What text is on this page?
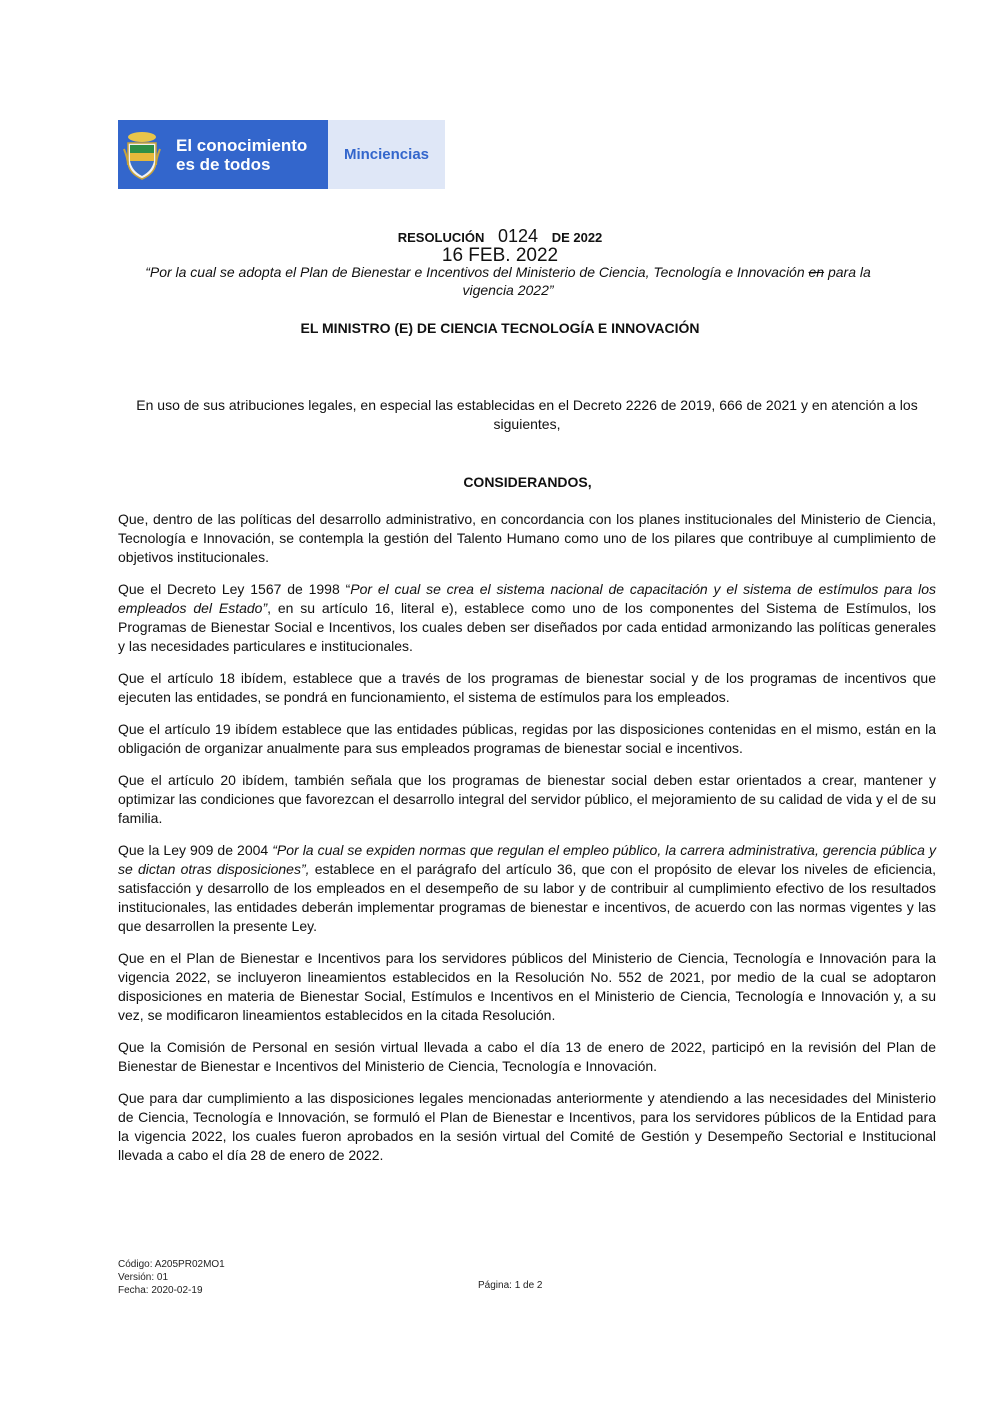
El conocimiento
es de todos	Minciencias
RESOLUCIÓN 0124 DE 2022
16 FEB. 2022
“Por la cual se adopta el Plan de Bienestar e Incentivos del Ministerio de Ciencia, Tecnología e Innovación en para la vigencia 2022”
EL MINISTRO (E) DE CIENCIA TECNOLOGÍA E INNOVACIÓN
En uso de sus atribuciones legales, en especial las establecidas en el Decreto 2226 de 2019, 666 de 2021 y en atención a los siguientes,
CONSIDERANDOS,

Que, dentro de las políticas del desarrollo administrativo, en concordancia con los planes institucionales del Ministerio de Ciencia, Tecnología e Innovación, se contempla la gestión del Talento Humano como uno de los pilares que contribuye al cumplimiento de objetivos institucionales.

Que el Decreto Ley 1567 de 1998 “Por el cual se crea el sistema nacional de capacitación y el sistema de estímulos para los empleados del Estado”, en su artículo 16, literal e), establece como uno de los componentes del Sistema de Estímulos, los Programas de Bienestar Social e Incentivos, los cuales deben ser diseñados por cada entidad armonizando las políticas generales y las necesidades particulares e institucionales.

Que el artículo 18 ibídem, establece que a través de los programas de bienestar social y de los programas de incentivos que ejecuten las entidades, se pondrá en funcionamiento, el sistema de estímulos para los empleados.

Que el artículo 19 ibídem establece que las entidades públicas, regidas por las disposiciones contenidas en el mismo, están en la obligación de organizar anualmente para sus empleados programas de bienestar social e incentivos.

Que el artículo 20 ibídem, también señala que los programas de bienestar social deben estar orientados a crear, mantener y optimizar las condiciones que favorezcan el desarrollo integral del servidor público, el mejoramiento de su calidad de vida y el de su familia.

Que la Ley 909 de 2004 “Por la cual se expiden normas que regulan el empleo público, la carrera administrativa, gerencia pública y se dictan otras disposiciones”, establece en el parágrafo del artículo 36, que con el propósito de elevar los niveles de eficiencia, satisfacción y desarrollo de los empleados en el desempeño de su labor y de contribuir al cumplimiento efectivo de los resultados institucionales, las entidades deberán implementar programas de bienestar e incentivos, de acuerdo con las normas vigentes y las que desarrollen la presente Ley.

Que en el Plan de Bienestar e Incentivos para los servidores públicos del Ministerio de Ciencia, Tecnología e Innovación para la vigencia 2022, se incluyeron lineamientos establecidos en la Resolución No. 552 de 2021, por medio de la cual se adoptaron disposiciones en materia de Bienestar Social, Estímulos e Incentivos en el Ministerio de Ciencia, Tecnología e Innovación y, a su vez, se modificaron lineamientos establecidos en la citada Resolución.

Que la Comisión de Personal en sesión virtual llevada a cabo el día 13 de enero de 2022, participó en la revisión del Plan de Bienestar de Bienestar e Incentivos del Ministerio de Ciencia, Tecnología e Innovación.

Que para dar cumplimiento a las disposiciones legales mencionadas anteriormente y atendiendo a las necesidades del Ministerio de Ciencia, Tecnología e Innovación, se formuló el Plan de Bienestar e Incentivos, para los servidores públicos de la Entidad para la vigencia 2022, los cuales fueron aprobados en la sesión virtual del Comité de Gestión y Desempeño Sectorial e Institucional llevada a cabo el día 28 de enero de 2022.

Código: A205PR02MO1
Versión: 01
Fecha: 2020-02-19	Página: 1 de 2
